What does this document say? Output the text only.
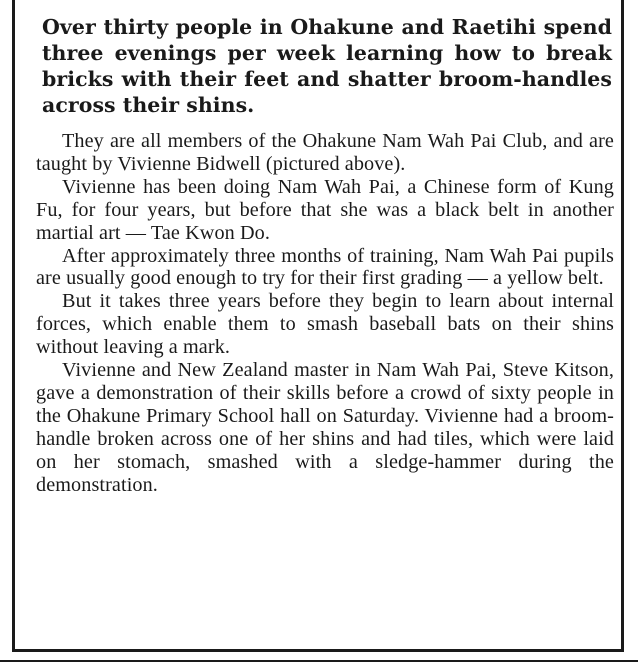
Over thirty people in Ohakune and Raetihi spend three evenings per week learning how to break bricks with their feet and shatter broom-handles across their shins.

They are all members of the Ohakune Nam Wah Pai Club, and are taught by Vivienne Bidwell (pictured above).

Vivienne has been doing Nam Wah Pai, a Chinese form of Kung Fu, for four years, but before that she was a black belt in another martial art — Tae Kwon Do.

After approximately three months of training, Nam Wah Pai pupils are usually good enough to try for their first grading — a yellow belt.

But it takes three years before they begin to learn about internal forces, which enable them to smash baseball bats on their shins without leaving a mark.

Vivienne and New Zealand master in Nam Wah Pai, Steve Kitson, gave a demonstration of their skills before a crowd of sixty people in the Ohakune Primary School hall on Saturday. Vivienne had a broom-handle broken across one of her shins and had tiles, which were laid on her stomach, smashed with a sledge-hammer during the demonstration.
